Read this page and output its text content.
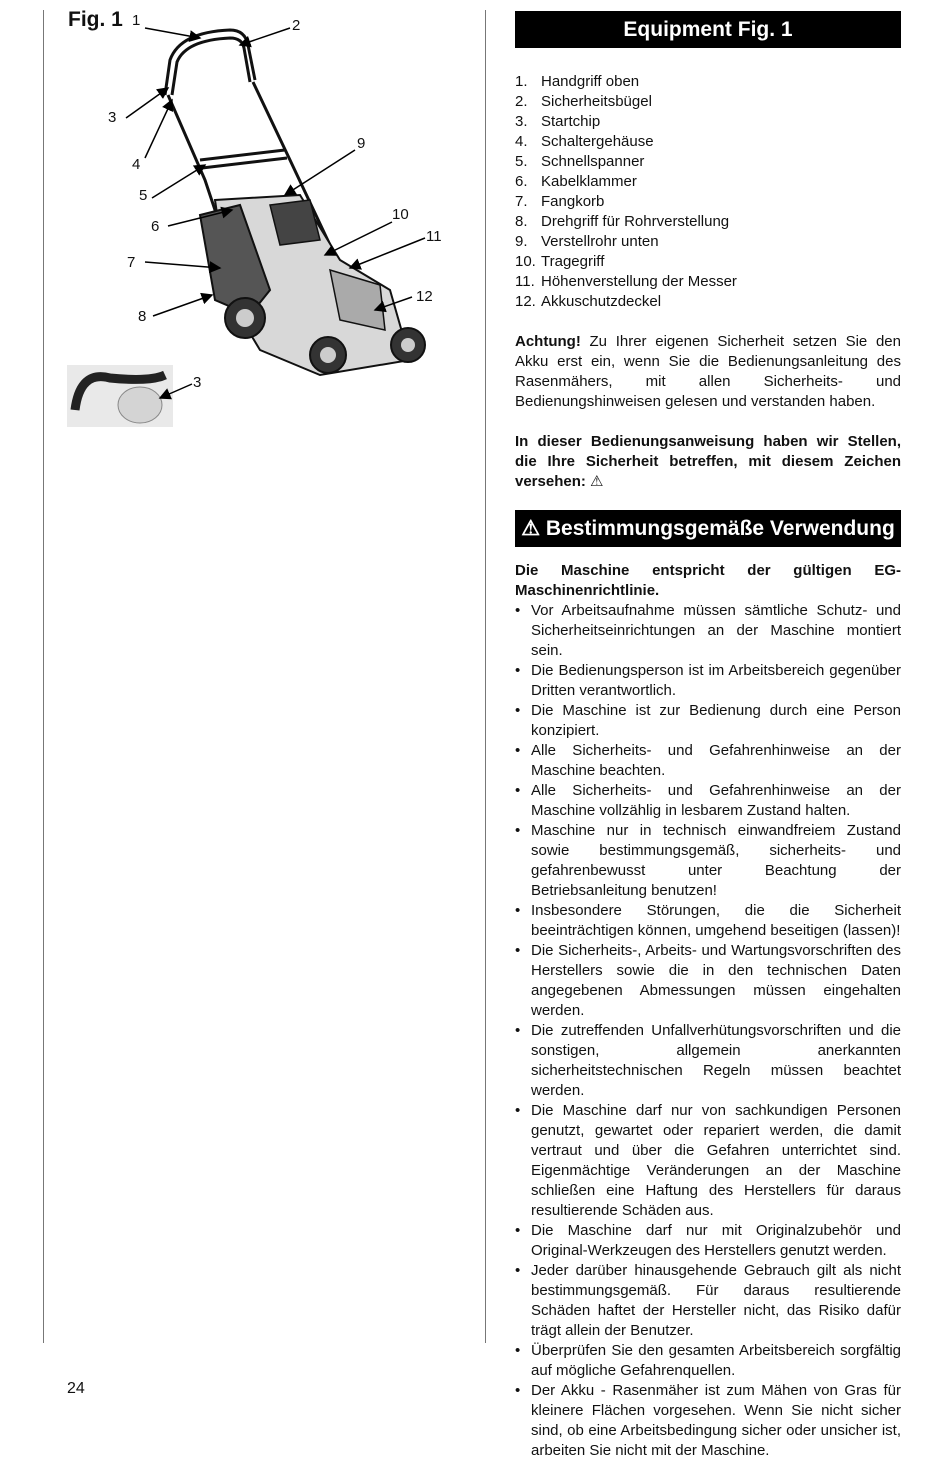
Fig. 1 1	2
3
4
5
6
7
8
9
10
11
12
3
Equipment Fig. 1
1. Handgriff oben
2. Sicherheitsbügel
3. Startchip
4. Schaltergehäuse
5. Schnellspanner
6. Kabelklammer
7. Fangkorb
8. Drehgriff für Rohrverstellung
9. Verstellrohr unten
10. Tragegriff
11. Höhenverstellung der Messer
12. Akkuschutzdeckel

Achtung! Zu Ihrer eigenen Sicherheit setzen Sie den Akku erst ein, wenn Sie die Bedienungsanleitung des Rasenmähers, mit allen Sicherheits- und Bedienungshinweisen gelesen und verstanden haben.

In dieser Bedienungsanweisung haben wir Stellen, die Ihre Sicherheit betreffen, mit diesem Zeichen versehen: ⚠

⚠ Bestimmungsgemäße Verwendung

Die Maschine entspricht der gültigen EG-Maschinenrichtlinie.

• Vor Arbeitsaufnahme müssen sämtliche Schutz- und Sicherheitseinrichtungen an der Maschine montiert sein.
• Die Bedienungsperson ist im Arbeitsbereich gegenüber Dritten verantwortlich.
• Die Maschine ist zur Bedienung durch eine Person konzipiert.
• Alle Sicherheits- und Gefahrenhinweise an der Maschine beachten.
• Alle Sicherheits- und Gefahrenhinweise an der Maschine vollzählig in lesbarem Zustand halten.
• Maschine nur in technisch einwandfreiem Zustand sowie bestimmungsgemäß, sicherheits- und gefahrenbewusst unter Beachtung der Betriebsanleitung benutzen!
• Insbesondere Störungen, die die Sicherheit beeinträchtigen können, umgehend beseitigen (lassen)!
• Die Sicherheits-, Arbeits- und Wartungsvorschriften des Herstellers sowie die in den technischen Daten angegebenen Abmessungen müssen eingehalten werden.
• Die zutreffenden Unfallverhütungsvorschriften und die sonstigen, allgemein anerkannten sicherheitstechnischen Regeln müssen beachtet werden.
• Die Maschine darf nur von sachkundigen Personen genutzt, gewartet oder repariert werden, die damit vertraut und über die Gefahren unterrichtet sind. Eigenmächtige Veränderungen an der Maschine schließen eine Haftung des Herstellers für daraus resultierende Schäden aus.
• Die Maschine darf nur mit Originalzubehör und Original-Werkzeugen des Herstellers genutzt werden.
• Jeder darüber hinausgehende Gebrauch gilt als nicht bestimmungsgemäß. Für daraus resultierende Schäden haftet der Hersteller nicht, das Risiko dafür trägt allein der Benutzer.
• Überprüfen Sie den gesamten Arbeitsbereich sorgfältig auf mögliche Gefahrenquellen.
• Der Akku - Rasenmäher ist zum Mähen von Gras für kleinere Flächen vorgesehen. Wenn Sie nicht sicher sind, ob eine Arbeitsbedingung sicher oder unsicher ist, arbeiten Sie nicht mit der Maschine.
24
